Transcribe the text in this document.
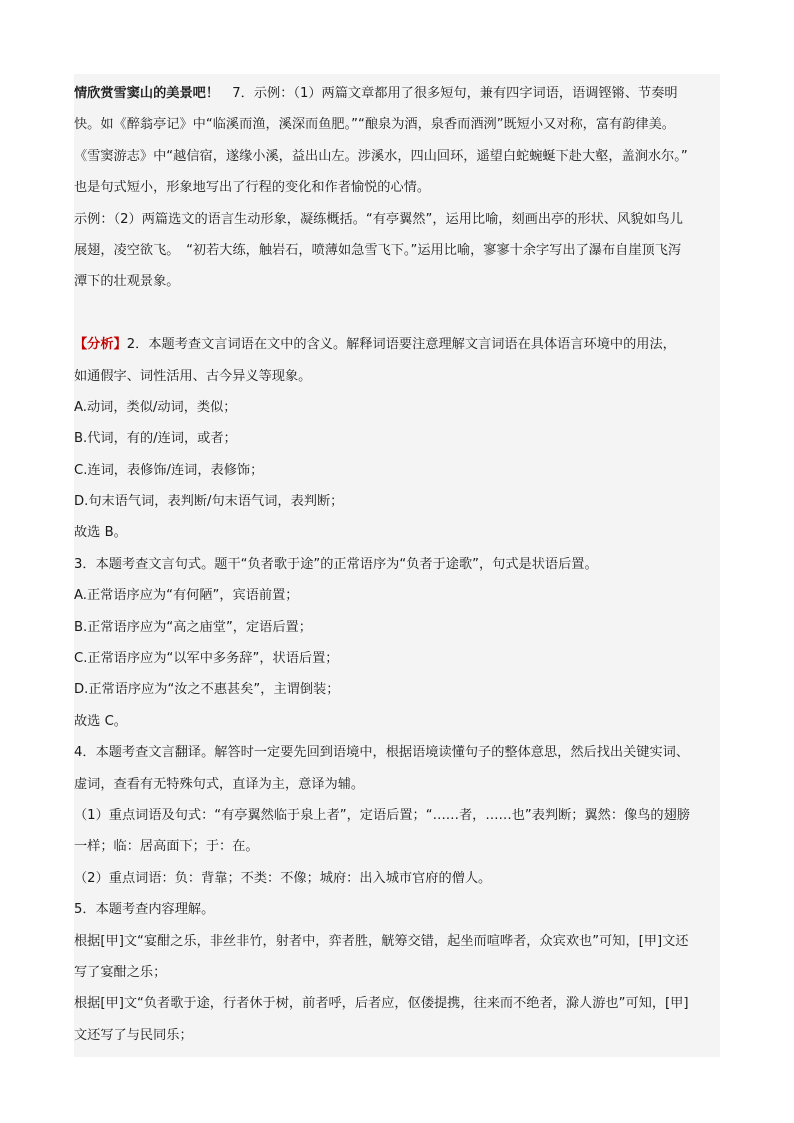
情欣赏雪窦山的美景吧！　7．示例：（1）两篇文章都用了很多短句，兼有四字词语，语调铿锵、节奏明
快。如《醉翁亭记》中“临溪而渔，溪深而鱼肥。”“酿泉为酒，泉香而酒洌”既短小又对称，富有韵律美。
《雪窦游志》中“越信宿，遂缘小溪，益出山左。涉溪水，四山回环，遥望白蛇蜿蜒下赴大壑，盖涧水尔。”
也是句式短小，形象地写出了行程的变化和作者愉悦的心情。
示例：（2）两篇选文的语言生动形象，凝练概括。“有亭翼然”，运用比喻，刻画出亭的形状、风貌如鸟儿
展翅，凌空欲飞。　“初若大练，触岩石，喷薄如急雪飞下。”运用比喻，寥寥十余字写出了瀑布自崖顶飞泻
潭下的壮观景象。
【分析】2．本题考查文言词语在文中的含义。解释词语要注意理解文言词语在具体语言环境中的用法，
如通假字、词性活用、古今异义等现象。
A.动词，类似/动词，类似；
B.代词，有的/连词，或者；
C.连词，表修饰/连词，表修饰；
D.句末语气词，表判断/句末语气词，表判断；
故选 B。
3．本题考查文言句式。题干“负者歌于途”的正常语序为“负者于途歌”，句式是状语后置。
A.正常语序应为“有何陋”，宾语前置；
B.正常语序应为“高之庙堂”，定语后置；
C.正常语序应为“以军中多务辞”，状语后置；
D.正常语序应为“汝之不惠甚矣”，主谓倒装；
故选 C。
4．本题考查文言翻译。解答时一定要先回到语境中，根据语境读懂句子的整体意思，然后找出关键实词、
虚词，查看有无特殊句式，直译为主，意译为辅。
（1）重点词语及句式：“有亭翼然临于泉上者”，定语后置；“……者，……也”表判断；翼然：像鸟的翅膀
一样；临：居高面下；于：在。
（2）重点词语：负：背靠；不类：不像；城府：出入城市官府的僧人。
5．本题考查内容理解。
根据[甲]文“宴酣之乐，非丝非竹，射者中，弈者胜，觥筹交错，起坐而喧哗者，众宾欢也”可知，[甲]文还
写了宴酣之乐；
根据[甲]文“负者歌于途，行者休于树，前者呼，后者应，伛偻提携，往来而不绝者，滁人游也”可知，[甲]
文还写了与民同乐；
